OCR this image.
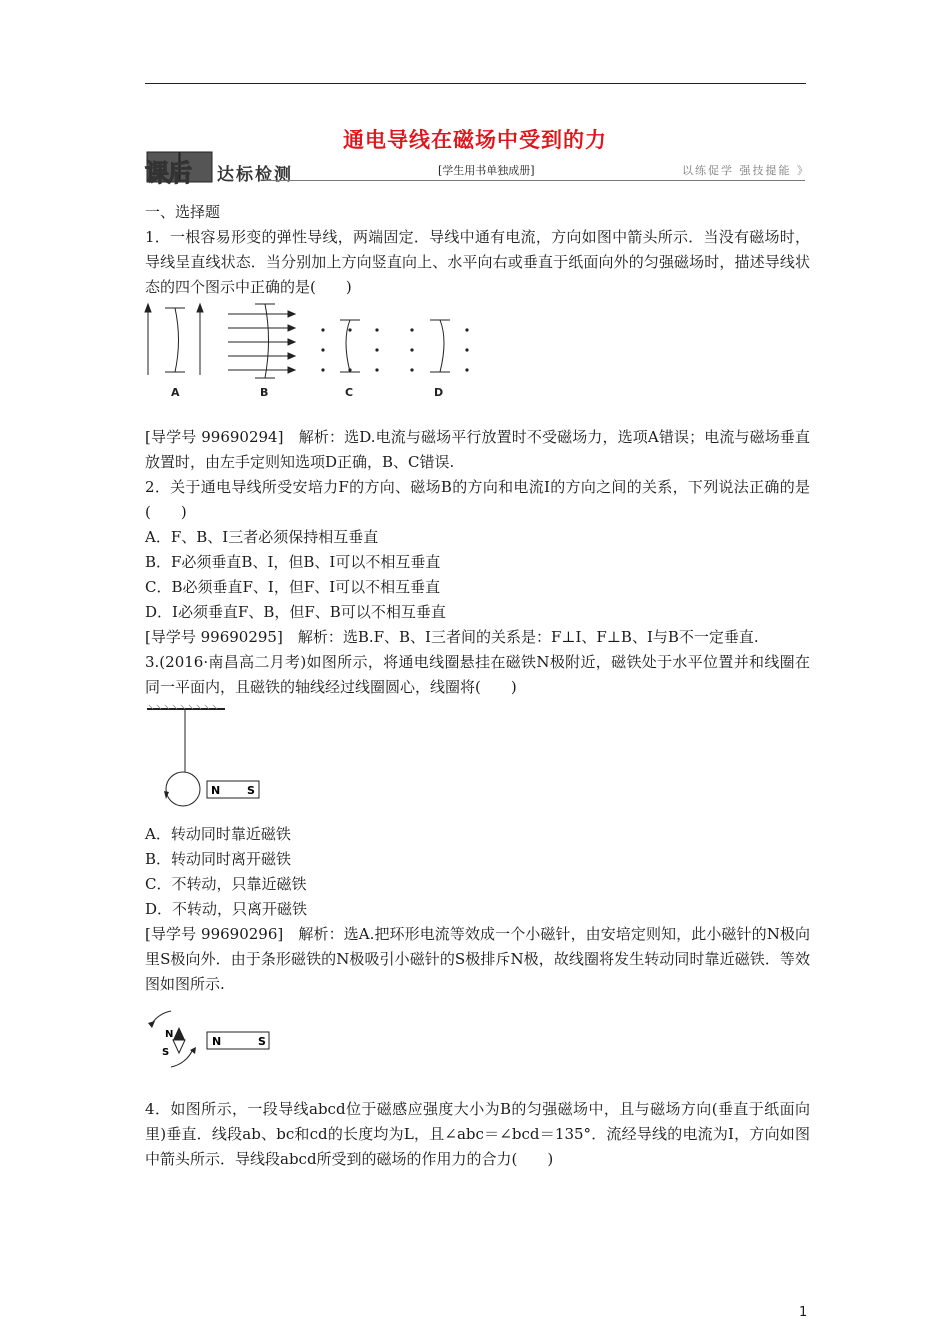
通电导线在磁场中受到的力
课后 达标检测	[学生用书单独成册]	以练促学 强技提能 》
一、选择题
1．一根容易形变的弹性导线，两端固定．导线中通有电流，方向如图中箭头所示．当没有磁场时，导线呈直线状态．当分别加上方向竖直向上、水平向右或垂直于纸面向外的匀强磁场时，描述导线状态的四个图示中正确的是(　　)
A	B	C	D
[导学号 99690294]　解析：选D.电流与磁场平行放置时不受磁场力，选项A错误；电流与磁场垂直放置时，由左手定则知选项D正确，B、C错误.
2．关于通电导线所受安培力F的方向、磁场B的方向和电流I的方向之间的关系，下列说法正确的是(　　)
A．F、B、I三者必须保持相互垂直
B．F必须垂直B、I，但B、I可以不相互垂直
C．B必须垂直F、I，但F、I可以不相互垂直
D．I必须垂直F、B，但F、B可以不相互垂直
[导学号 99690295]　解析：选B.F、B、I三者间的关系是：F⊥I、F⊥B、I与B不一定垂直.
3.(2016·南昌高二月考)如图所示，将通电线圈悬挂在磁铁N极附近，磁铁处于水平位置并和线圈在同一平面内，且磁铁的轴线经过线圈圆心，线圈将(　　)
N S
A．转动同时靠近磁铁
B．转动同时离开磁铁
C．不转动，只靠近磁铁
D．不转动，只离开磁铁
[导学号 99690296]　解析：选A.把环形电流等效成一个小磁针，由安培定则知，此小磁针的N极向里S极向外．由于条形磁铁的N极吸引小磁针的S极排斥N极，故线圈将发生转动同时靠近磁铁．等效图如图所示.
N
S
N	S
4．如图所示，一段导线abcd位于磁感应强度大小为B的匀强磁场中，且与磁场方向(垂直于纸面向里)垂直．线段ab、bc和cd的长度均为L，且∠abc＝∠bcd＝135°．流经导线的电流为I，方向如图中箭头所示．导线段abcd所受到的磁场的作用力的合力(　　)
1
